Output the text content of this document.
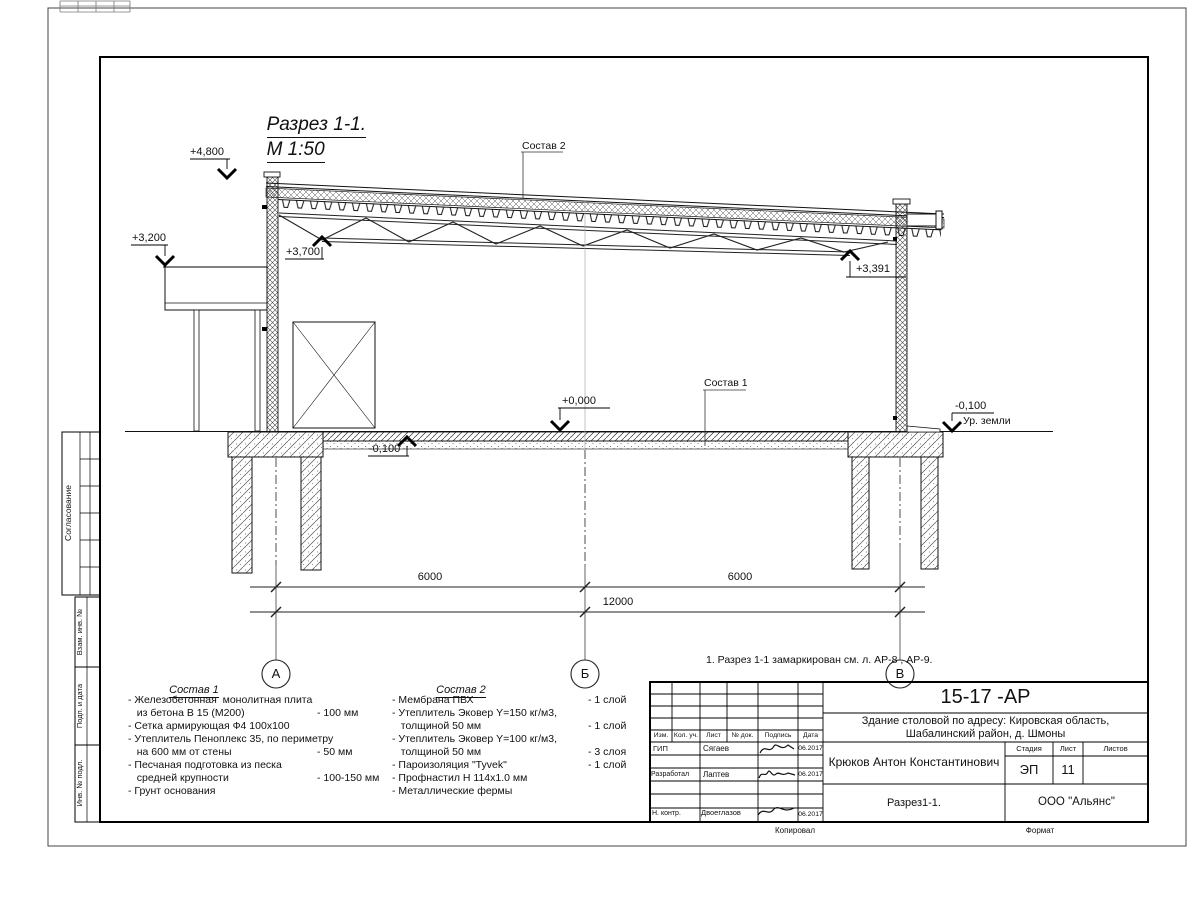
Разрез 1-1.

М 1:50

+4,800
+3,200
+3,700
+3,391
+0,000
-0,100
-0,100
Ур. земли
Состав 2
Состав 1
6000	6000
12000
А	Б	В
1. Разрез 1-1 замаркирован см. л. АР-8 , АР-9.

Состав 1

- Железобетонная  монолитная плита
из бетона В 15 (М200)	- 100 мм
- Сетка армирующая Ф4 100x100
- Утеплитель Пеноплекс 35, по периметру
на 600 мм от стены	- 50 мм
- Песчаная подготовка из песка
средней крупности	- 100-150 мм
- Грунт основания

Состав 2

- Мембрана ПВХ	- 1 слой
- Утеплитель Эковер Y=150 кг/м3,
толщиной 50 мм	- 1 слой
- Утеплитель Эковер Y=100 кг/м3,
толщиной 50 мм	- 3 слоя
- Пароизоляция "Tyvek"	- 1 слой
- Профнастил Н 114x1.0 мм
- Металлические фермы
15-17 -АР
Здание столовой по адресу: Кировская область,
Шабалинский район, д. Шмоны
Изм. Кол. уч.	Лист	№ док.	Подпись	Дата
ГИП	Сягаев	06.2017
Разработал Лаптев	06.2017
Н. контр.	Двоеглазов	06.2017
Крюков Антон Константинович
Разрез1-1.
Стадия	Лист	Листов
ЭП	11
ООО "Альянс"
Копировал	Формат
Согласование
Взам. инв. №
Подп. и дата
Инв. № подл.
